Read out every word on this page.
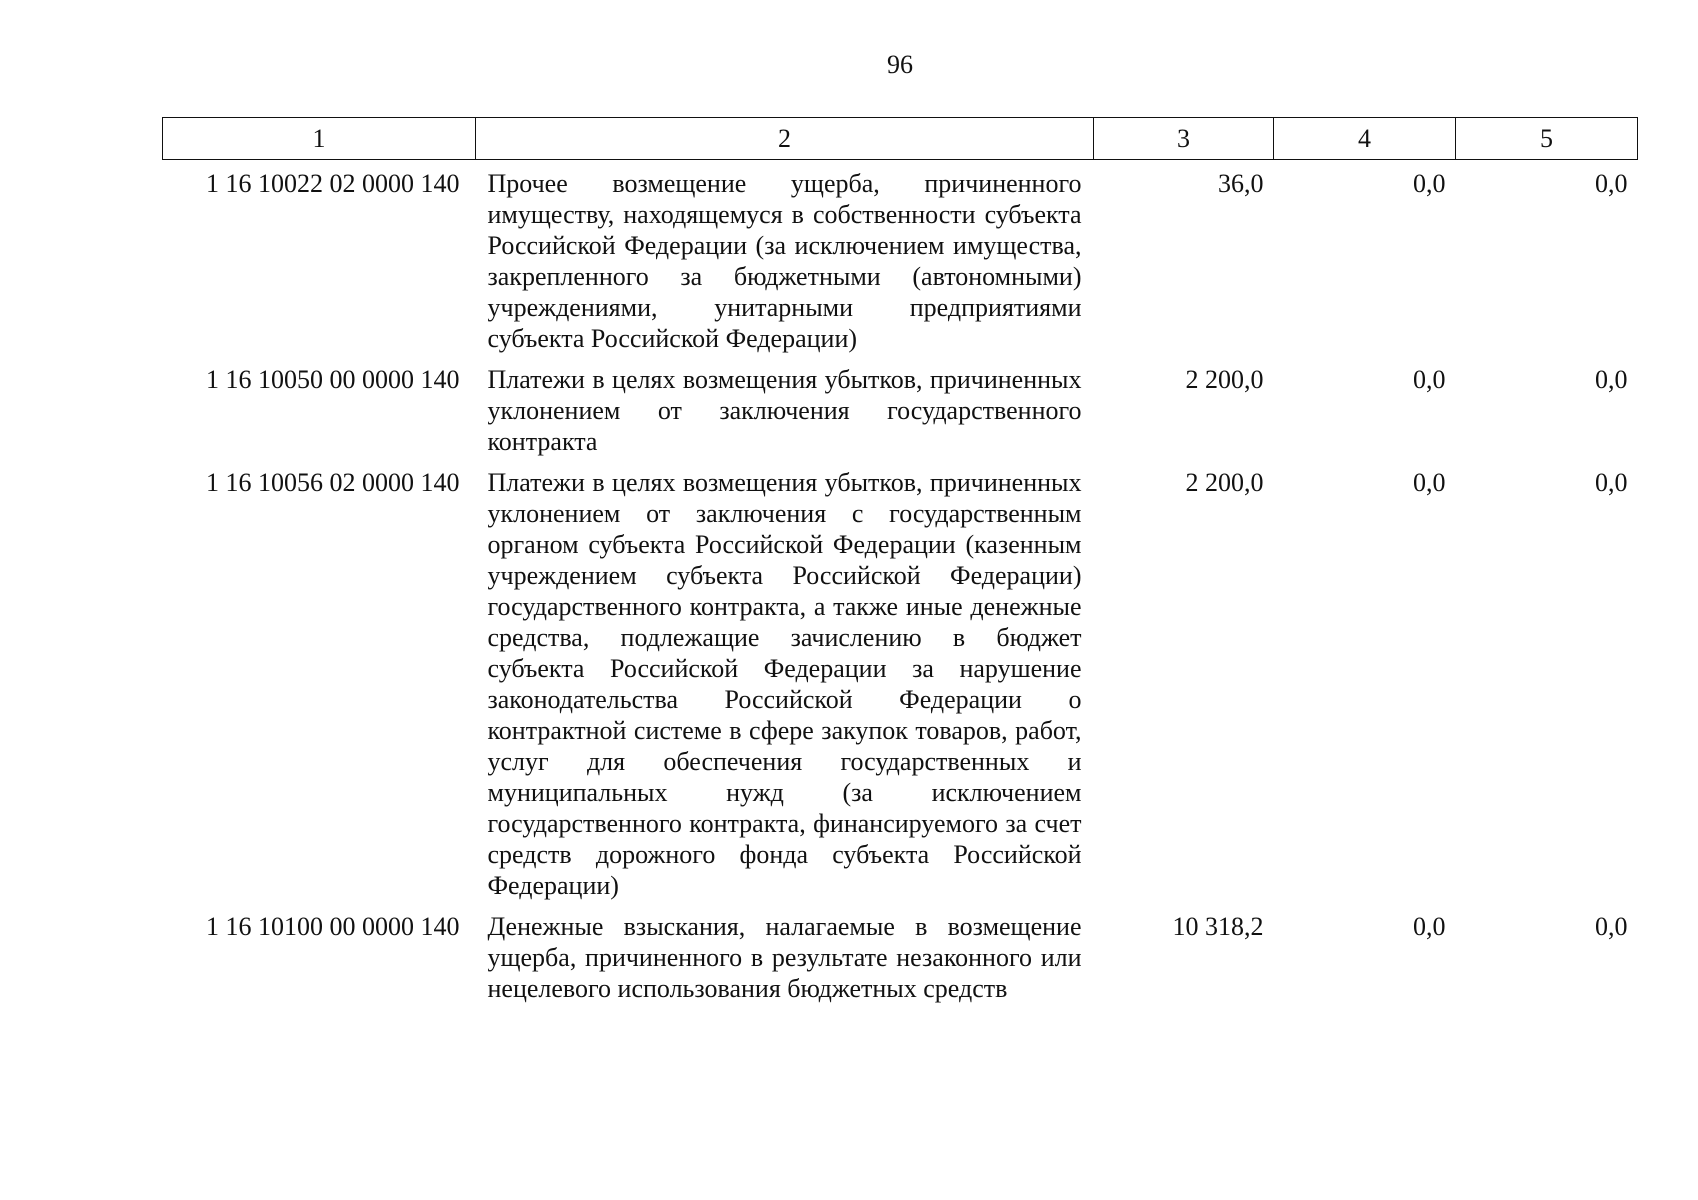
96
1	2	3	4	5
1 16 10022 02 0000 140	Прочее возмещение ущерба, причиненного имуществу, находящемуся в собственности субъекта Российской Федерации (за исключением имущества, закрепленного за бюджетными (автономными) учреждениями, унитарными предприятиями субъекта Российской Федерации)	36,0	0,0	0,0
1 16 10050 00 0000 140	Платежи в целях возмещения убытков, причиненных уклонением от заключения государственного контракта	2 200,0	0,0	0,0
1 16 10056 02 0000 140	Платежи в целях возмещения убытков, причиненных уклонением от заключения с государственным органом субъекта Российской Федерации (казенным учреждением субъекта Российской Федерации) государственного контракта, а также иные денежные средства, подлежащие зачислению в бюджет субъекта Российской Федерации за нарушение законодательства Российской Федерации о контрактной системе в сфере закупок товаров, работ, услуг для обеспечения государственных и муниципальных нужд (за исключением государственного контракта, финансируемого за счет средств дорожного фонда субъекта Российской Федерации)	2 200,0	0,0	0,0
1 16 10100 00 0000 140	Денежные взыскания, налагаемые в возмещение ущерба, причиненного в результате незаконного или нецелевого использования бюджетных средств	10 318,2	0,0	0,0
